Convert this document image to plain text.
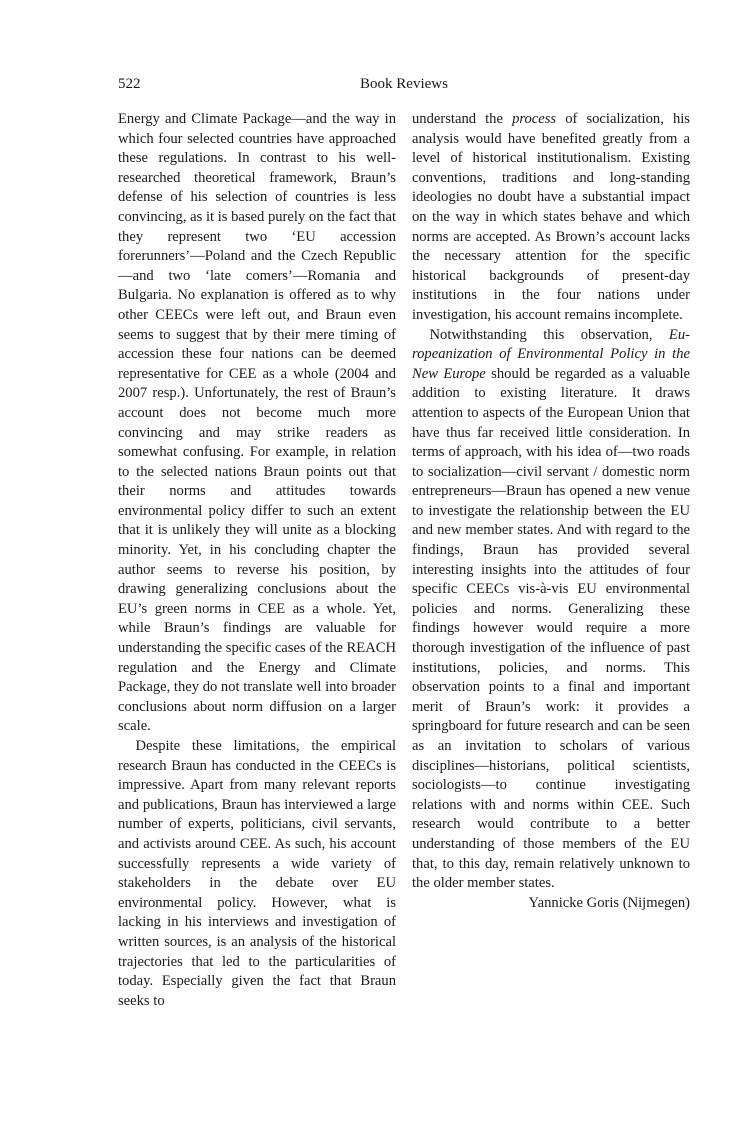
522	Book Reviews

Energy and Climate Package—and the way in which four selected countries have approached these regulations. In contrast to his well-researched theoretical framework, Braun’s defense of his selection of countries is less convincing, as it is based purely on the fact that they represent two ‘EU accession forerunners’—Poland and the Czech Republic—and two ‘late comers’—Romania and Bulgaria. No explanation is offered as to why other CEECs were left out, and Braun even seems to suggest that by their mere timing of accession these four nations can be deemed representative for CEE as a whole (2004 and 2007 resp.). Unfortunately, the rest of Braun’s account does not become much more convincing and may strike readers as somewhat confusing. For example, in relation to the selected nations Braun points out that their norms and attitudes towards environmental policy differ to such an extent that it is unlikely they will unite as a blocking minority. Yet, in his concluding chapter the author seems to reverse his position, by drawing generalizing conclusions about the EU’s green norms in CEE as a whole. Yet, while Braun’s findings are valuable for understanding the specific cases of the REACH regulation and the Energy and Climate Package, they do not translate well into broader conclusions about norm diffusion on a larger scale.

Despite these limitations, the empirical research Braun has conducted in the CEECs is impressive. Apart from many relevant reports and publications, Braun has interviewed a large number of experts, politicians, civil servants, and activists around CEE. As such, his account successfully represents a wide variety of stakeholders in the debate over EU environmental policy. However, what is lacking in his interviews and investigation of written sources, is an analysis of the historical trajectories that led to the particularities of today. Especially given the fact that Braun seeks to

understand the process of socialization, his analysis would have benefited greatly from a level of historical institutionalism. Existing conventions, traditions and long-standing ideologies no doubt have a substantial impact on the way in which states behave and which norms are accepted. As Brown’s account lacks the necessary attention for the specific historical backgrounds of present-day institutions in the four nations under investigation, his account remains incomplete.

Notwithstanding this observation, Europeanization of Environmental Policy in the New Europe should be regarded as a valuable addition to existing literature. It draws attention to aspects of the European Union that have thus far received little consideration. In terms of approach, with his idea of—two roads to socialization—civil servant / domestic norm entrepreneurs—Braun has opened a new venue to investigate the relationship between the EU and new member states. And with regard to the findings, Braun has provided several interesting insights into the attitudes of four specific CEECs vis-à-vis EU environmental policies and norms. Generalizing these findings however would require a more thorough investigation of the influence of past institutions, policies, and norms. This observation points to a final and important merit of Braun’s work: it provides a springboard for future research and can be seen as an invitation to scholars of various disciplines—historians, political scientists, sociologists—to continue investigating relations with and norms within CEE. Such research would contribute to a better understanding of those members of the EU that, to this day, remain relatively unknown to the older member states.

Yannicke Goris (Nijmegen)
